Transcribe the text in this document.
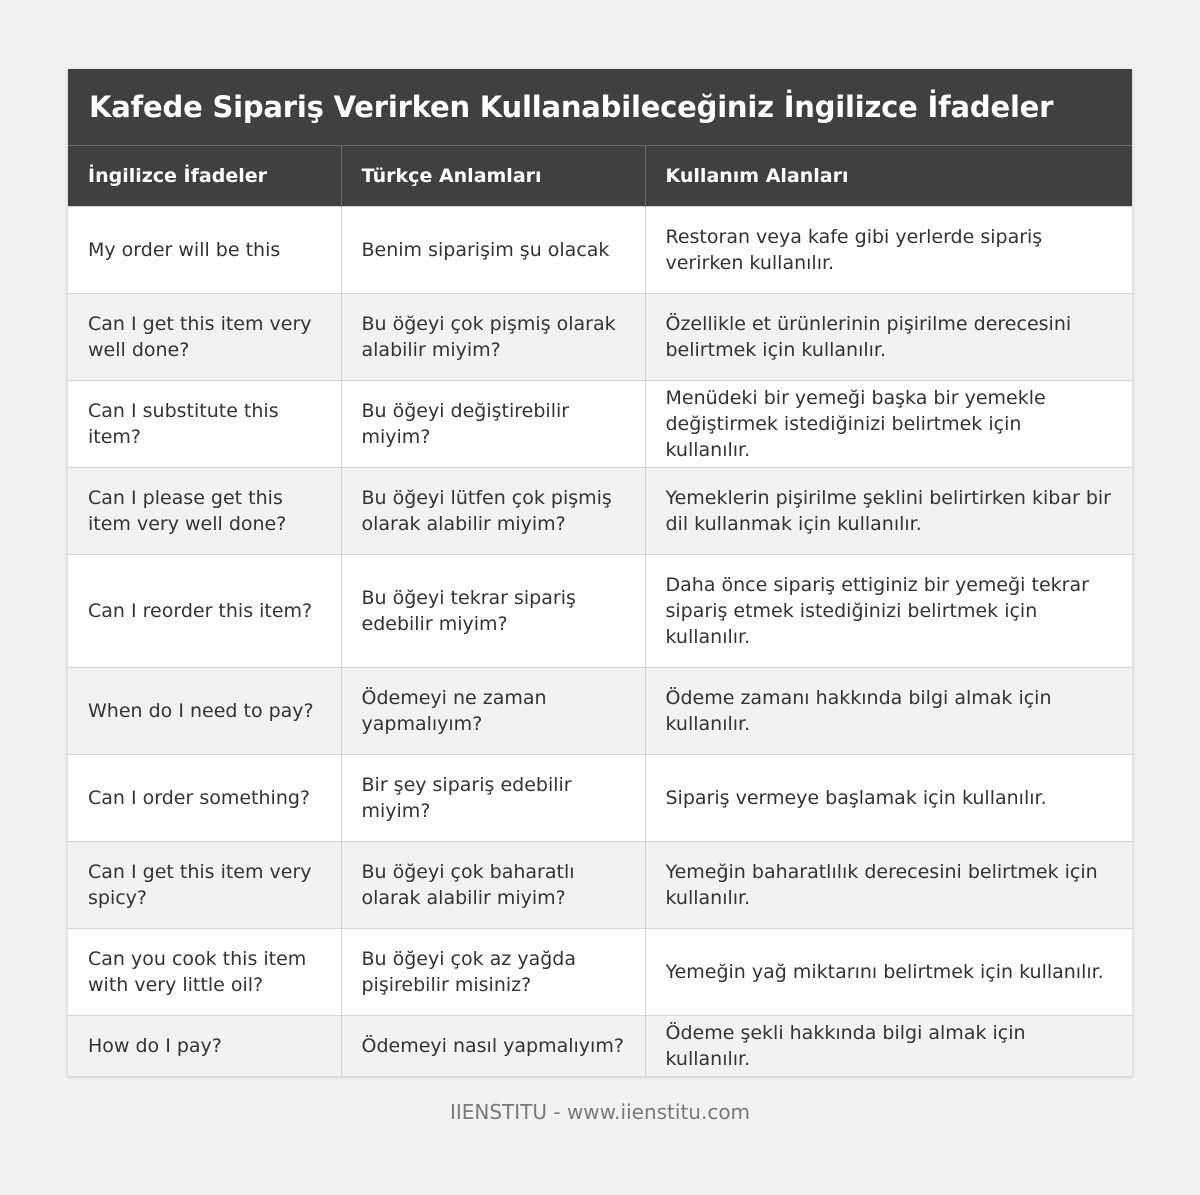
Kafede Sipariş Verirken Kullanabileceğiniz İngilizce İfadeler
İngilizce İfadeler	Türkçe Anlamları	Kullanım Alanları
My order will be this	Benim siparişim şu olacak	Restoran veya kafe gibi yerlerde sipariş verirken kullanılır.
Can I get this item very well done?	Bu öğeyi çok pişmiş olarak alabilir miyim?	Özellikle et ürünlerinin pişirilme derecesini belirtmek için kullanılır.
Can I substitute this item?	Bu öğeyi değiştirebilir miyim?	Menüdeki bir yemeği başka bir yemekle değiştirmek istediğinizi belirtmek için kullanılır.
Can I please get this item very well done?	Bu öğeyi lütfen çok pişmiş olarak alabilir miyim?	Yemeklerin pişirilme şeklini belirtirken kibar bir dil kullanmak için kullanılır.
Can I reorder this item?	Bu öğeyi tekrar sipariş edebilir miyim?	Daha önce sipariş ettiginiz bir yemeği tekrar sipariş etmek istediğinizi belirtmek için kullanılır.
When do I need to pay?	Ödemeyi ne zaman yapmalıyım?	Ödeme zamanı hakkında bilgi almak için kullanılır.
Can I order something?	Bir şey sipariş edebilir miyim?	Sipariş vermeye başlamak için kullanılır.
Can I get this item very spicy?	Bu öğeyi çok baharatlı olarak alabilir miyim?	Yemeğin baharatlılık derecesini belirtmek için kullanılır.
Can you cook this item with very little oil?	Bu öğeyi çok az yağda pişirebilir misiniz?	Yemeğin yağ miktarını belirtmek için kullanılır.
How do I pay?	Ödemeyi nasıl yapmalıyım?	Ödeme şekli hakkında bilgi almak için kullanılır.
IIENSTITU - www.iienstitu.com
